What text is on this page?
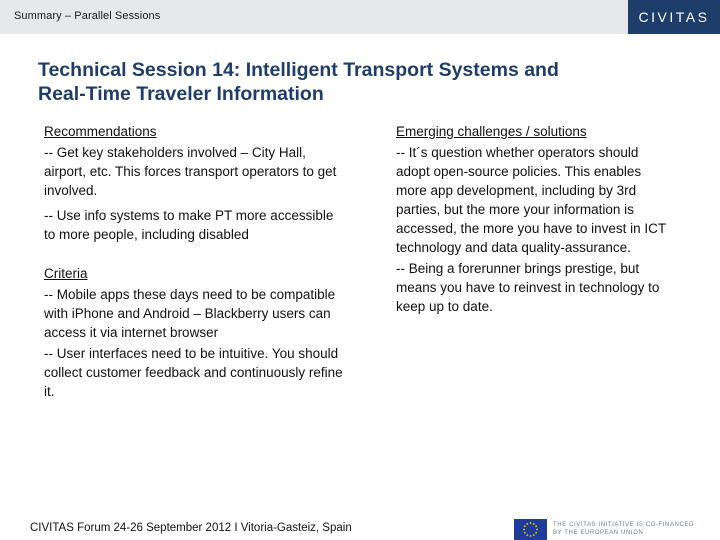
Summary – Parallel Sessions	CIVITAS
Technical Session 14: Intelligent Transport Systems and
Real-Time Traveler Information
Recommendations
-- Get key stakeholders involved – City Hall, airport, etc. This forces transport operators to get involved.
-- Use info systems to make PT more accessible to more people, including disabled
Criteria
-- Mobile apps these days need to be compatible with iPhone and Android – Blackberry users can access it via internet browser
-- User interfaces need to be intuitive. You should collect customer feedback and continuously refine it.
Emerging challenges / solutions
-- It´s question whether operators should adopt open-source policies. This enables more app development, including by 3rd parties, but the more your information is accessed, the more you have to invest in ICT technology and data quality-assurance.
-- Being a forerunner brings prestige, but means you have to reinvest in technology to keep up to date.
CIVITAS Forum 24-26 September 2012 I Vitoria-Gasteiz, Spain	THE CIVITAS INITIATIVE IS CO-FINANCED
BY THE EUROPEAN UNION
